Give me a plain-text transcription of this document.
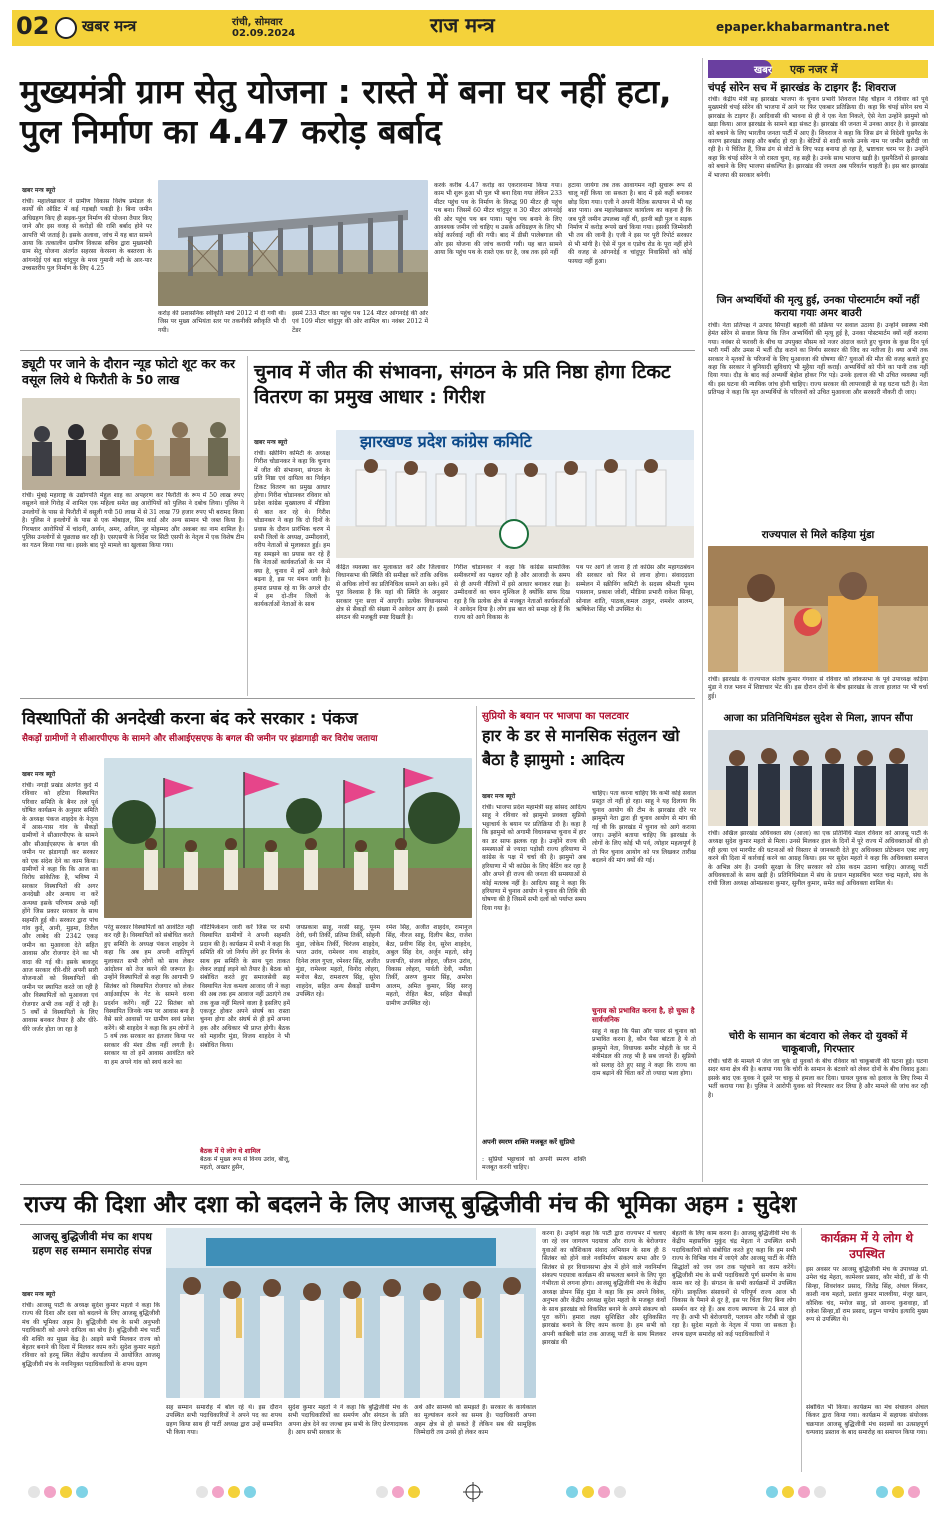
02 खबर मन्त्र	रांची, सोमवार
02.09.2024	राज मन्त्र	epaper.khabarmantra.net
मुख्यमंत्री ग्राम सेतु योजना : रास्ते में बना घर नहीं हटा, पुल निर्माण का 4.47 करोड़ बर्बाद
खबर मन्त्र ब्यूरो
रांची। महालेखाकार ने ग्रामीण विकास विशेष प्रमंडल के कार्यों की ऑडिट में कई गड़बड़ी पकड़ी है। बिना जमीन अधिग्रहण किए ही सड़क-पुल निर्माण की योजना तैयार किए जाने और इस वजह से करोड़ों की राशि बर्बाद होने पर आपत्ति भी जताई है। इसके अलावा, जांच में यह बात सामने आया कि तत्कालीन ग्रामीण विकास सचिव द्वारा मुख्यमंत्री ग्राम सेतु योजना अंतर्गत सहरसा केरसना के बस्तरवा के आंगनदेई एवं बड़ा चांदुपुर के मध्य गुमानी नदी के आर-पार उच्चस्तरीय पुल निर्माण के लिए 4.25
करोड़ की प्रशासनिक स्वीकृति मार्च 2012 में दी गयी थी। जिस पर मुख्य अभियंता स्तर पर तकनीकी स्वीकृति भी दी गयी।
इसमें 233 मीटर का पहुंच पथ 124 मीटर आंगनदेई की ओर एवं 109 मीटर चांदुपुर की ओर शामिल था। नवंबर 2012 में टेंडर
करके करीब 4.47 करोड़ का एकरारनामा किया गया। काम भी शुरू हुआ भी पुल भी बना दिया गया लेकिन 233 मीटर पहुंच पथ के निर्माण के विरुद्ध 90 मीटर ही पहुंच पथ बना। जिसमें 60 मीटर चांदुपुर व 30 मीटर आंगनदेई की ओर पहुंच पथ बन पाया। पहुंच पथ बनाने के लिए आवश्यक जमीन जो चाहिए थ उसके अधिग्रहण के लिए भी कोई कार्रवाई नहीं की गयी। बाद में डीसी पालेबगाल की ओर इस योजना की जांच करायी गयी। यह बात सामने आया कि पहुंच पथ के रास्ते एक घर है, जब तक इसे नहीं
हटाया जायेगा तब तक आवागमन नहीं सुचारू रूप से चालू नहीं किया जा सकता है। बाद में इसे कहीं बनाकर छोड़ दिया गया। एजी ने अपनी नैतिक सत्यापन में भी यह बात पाया। अब महालेखाकार कार्यालय का कहना है कि जब पूरी जमीन उपलब्ध नहीं थी, इतनी बड़ी पुल व सड़क निर्माण में करोड़ रूपये खर्च किया गया। इसकी जिम्मेवारी भी तय की जानी है। एजी ने इस पर पूरी रिपोर्ट सरकार से भी मांगी है। ऐसे में पुल व एप्रोच रोड के पूरा नहीं होने की वजह से आंगनदेई व चांदुपुर निवासियों को कोई फायदा नहीं हुआ।
ड्यूटी पर जाने के दौरान न्यूड फोटो शूट कर कर वसूल लिये थे फिरौती के 50 लाख
रांची। मुंबई महाराष्ट्र के उद्योगपति मेहुल शाह का अपहरण कर फिरौती के रूप में 50 लाख रुपए वसूलने वाले गिरोह में शामिल एक महिला समेत छह आरोपियों को पुलिस ने दबोच लिया। पुलिस ने उनलोगों के पास से फिरौती में वसूली गयी 50 लाख में से 31 लाख 79 हजार रुपए भी बरामद किया है। पुलिस ने इनलोगों के पास से एक मोबाइल, सिम कार्ड और अन्य सामान भी जब्त किया है। गिरफ्तार आरोपियों में चांदनी, आर्यन, अमर, अनिल, नूर मोहम्मद और अकबर का नाम शामिल है। पुलिस उनलोगों से पूछताछ कर रही है। एसएसपी के निर्देश पर सिटी एसपी के नेतृत्व में एक विशेष टीम का गठन किया गया था। इसके बाद पूरे मामले का खुलासा किया गया।
चुनाव में जीत की संभावना, संगठन के प्रति निष्ठा होगा टिकट वितरण का प्रमुख आधार : गिरीश
खबर मन्त्र ब्यूरो	झारखण्ड प्रदेश कांग्रेस कमिटि
रांची। स्क्रीनिंग कमिटी के अध्यक्ष गिरीश चोडानकर ने कहा कि चुनाव में जीत की संभावना, संगठन के प्रति निष्ठा एवं दायित्व का निर्वहन टिकट वितरण का प्रमुख आधार होगा। गिरीश चोडानकर रविवार को प्रदेश कांग्रेस मुख्यालय में मीडिया से बात कर रहे थे। गिरीश चोडानकर ने कहा कि दो दिनों के प्रवास के दौरान प्रारंभिक चरण में सभी जिलों के अध्यक्ष, उम्मीदवारों, वरीय नेताओं से मुलाकात हुई। हम यह समझने का प्रयास कर रहे हैं कि नेताओं कार्यकर्ताओं के मन में क्या है, चुनाव में हमें आगे कैसे बढ़ना है, इस पर मंथन जारी है। हमारा प्रयास रहे या कि अगले दौर में हम दो-तीन जिलों के कार्यकर्ताओं नेताओं के साथ
केंद्रित व्यवस्था कर मुलाकात करें और जिलावार विधानसभा की स्थिति की समीक्षा करें ताकि अधिक से अधिक लोगों का प्रतिनिधित्व सामने आ सके। हमें पूरा विश्वास है कि यहां की स्थिति के अनुसार सरकार पुनः सत्ता में आएगी। प्रत्येक विधानसभा क्षेत्र से सैकड़ों की संख्या में आवेदन आए हैं। इससे संगठन की मजबूती स्पष्ट दिखती है।
गिरीश चोडानकर ने कहा कि कांग्रेस सामाजिक समीकरणों का पक्षधर रही है और आजादी के समय से ही अपनी नीतियों में इसे आधार बनाकर रखा है। उम्मीदवारों का चयन मुश्किल है क्योंकि साफ दिख रहा है कि प्रत्येक क्षेत्र से मजबूत नेताओं कार्यकर्ताओं ने आवेदन दिया है। लोग इस बात को समझ रहे हैं कि राज्य को आगे विकास के
पथ पर आगे ले जाना है तो कांग्रेस और महागठबंधन की सरकार को फिर से लाना होगा। संवाददाता सम्मेलन में स्क्रीनिंग कमिटी के सदस्य श्रीमती पूनम पासवान, प्रकाश जोशी, मीडिया प्रभारी राकेश सिन्हा, सोनाल शांति, पाठक,कमल ठाकुर, शमशेर आलम, ऋषिकेश सिंह भी उपस्थित थे।
विस्थापितों की अनदेखी करना बंद करे सरकार : पंकज
सैकड़ों ग्रामीणों ने सीआरपीएफ के सामने और सीआईएसएफ के बगल की जमीन पर झंडागाड़ी कर विरोध जताया
खबर मन्त्र ब्यूरो
रांची। नगड़ी प्रखंड अंतर्गत कुदे में रविवार को हटिया विस्थापित परिवार समिति के बैनर तले पूर्व घोषित कार्यक्रम के अनुसार समिति के अध्यक्ष पंकज शाहदेव के नेतृत्व में आस-पास गांव के सैकड़ों ग्रामीणों ने सीआरपीएफ के सामने और सीआईएसएफ के बगल की जमीन पर झंडागाड़ी कर सरकार को एक संदेश देने का काम किया। ग्रामीणों ने कहा कि कि आज का विरोध सांकेतिक है, भविष्य में सरकार विस्थापितों की अगर अनदेखी और अन्याय ना करें अन्यथा इसके परिणाम अच्छे नहीं होंगे जिस प्रकार सरकार के साथ सहमति हुई थी। सरकार द्वारा पांच गांव कुदे, आनी, मुड़मा, तिरील और लाबेद की 2342 एकड़ जमीन का मुआवजा देते सहित आवास और रोजगार देने का भी वादा की गई थी। इसके बावजूद आज सरकार धीरे-धीरे अपनी सारी योजनाओं को विस्थापितों की जमीन पर स्थापित करते जा रही है और विस्थापितों को मुआवजा एवं रोजगार अभी तक नहीं दे रही है। 5 वर्षों से विस्थापितों के लिए आवास बनकर तैयार है और धीरे-धीरे जर्जर होता जा रहा है
परंतु सरकार विस्थापितों को आवंटित नहीं कर रही है। विस्थापितों को संबोधित करते हुए समिति के अध्यक्ष पंकज शाहदेव ने कहा कि अब हम अपनी शांतिपूर्ण मुलाकात सभी लोगों को साथ लेकर आंदोलन को तेज करने की जरूरत है। उन्होंने विस्थापितों से कहा कि आगामी 9 सितंबर को विस्थापित रोजगार को लेकर आईआईएम के गेट के सामने धरना प्रदर्शन करेंगे। वहीं 22 सितंबर को विस्थापित जिनके नाम पर आवास बना है वैसे सारे आवासों पर ग्रामीण स्वयं प्रवेश करेंगे। श्री शाहदेव ने कहा कि हम लोगों ने 5 वर्ष तक सरकार का इंतजार किया पर सरकार की मंशा ठीक नहीं लगती है। सरकार या तो हमें आवास आवंटित करे या हम अपने गांव को स्वयं करने का
नोटिफिकेशन जारी करें जिस पर सभी विस्थापित ग्रामीणों ने अपनी सहमति प्रदान की है। कार्यक्रम में सभी ने कहा कि समिति की जो निर्णय लेंगे हर निर्णय के साथ हम समिति के साथ पूरा ताकत लेकर लड़ाई लड़ने को तैयार है। बैठक को संबोधित करते हुए समाजसेवी सह विस्थापित नेता कमला आजाद जी ने कहा की अब तक हम आवाज नहीं उठाएंगे तब तक कुछ नहीं मिलने वाला है इसलिए हमें एकजुट होकर अपने संघर्ष का रास्ता चुनना होगा और संघर्ष से ही हमें अपना हक और अधिकार भी प्राप्त होगी। बैठक को महावीर मुंडा, विजय शाहदेव ने भी संबोधित किया।
बैठक में ये लोग थे शामिल
बैठक में मुख्य रूप से विनय उरांव, बीजू, महतो, अख्तर हुसैन,
जयप्रकाश साहू, नरसी साहू, पूनम देवी, धनी तिर्की, प्रतिमा तिर्की, सोहनी मुंडा, जोकेम तिर्की, चिरंजय शाहदेव, भरत उरांव, रामेश्वर नाथ शाहदेव, दिनेश लाल गुप्ता, रमेश्वर सिंह, अजीत मुंडा, रामेश्वर महतो, विनोद लोहरा, मनोज बैठा, रामशरण सिंह, सुरेश शाहदेव, सहित अन्य सैकड़ों ग्रामीण उपस्थित रहे।
रमेश सिंह, अजीत शाहदेव, रामानुज सिंह, नीरज साहू, दिलीप बैठा, राजेश बैठा, प्रवीण सिंह देव, सुरेश शाहदेव, अबुल सिंह देव, अर्जुन महतो, सोनू प्रजापति, संजय लोहरा, जीतन उरांव, विकास लोहरा, पार्वती देवी, नमीता तिर्की, अरुण कुमार सिंह, अमरेश आलम, अमित कुमार, सिंह सरजू महतो, रोहित बैठा, सहित सैकड़ों ग्रामीण उपस्थित रहे।
सुप्रियो के बयान पर भाजपा का पलटवार
हार के डर से मानसिक संतुलन खो बैठा है झामुमो : आदित्य
खबर मन्त्र ब्यूरो
रांची। भाजपा प्रदेश महामंत्री सह सांसद आदित्य साहू ने रविवार को झामुमो प्रवक्ता सुप्रियो भट्टाचार्य के बयान पर प्रतिक्रिया दी है। कहा है कि झामुमो को अगामी विधानसभा चुनाव में हार का डर साफ झलक रहा है। उन्होंने राज्य की समस्याओं से ज्यादा पड़ोसी राज्य हरियाणा में कांग्रेस के पक्ष में चर्चा की है। झामुमो अब हरियाणा में भी कांग्रेस के लिए बैटिंग कर रहा है और अपने ही राज्य की जनता की समस्याओं से कोई मतलब नहीं है। आदित्य साहू ने कहा कि हरियाणा में चुनाव आयोग ने चुनाव की तिथि की घोषणा की है जिसमें सभी दलों को पर्याप्त समय दिया गया है।
अपनी स्मरण शक्ति मजबूत करें सुप्रियो
: सुप्रियो भट्टाचार्य को अपनी स्मरण शक्ति मजबूत करनी चाहिए।
चाहिए। पता करना चाहिए कि कभी कोई सवाल प्रस्तुत तो नहीं हो रहा। साहू ने यह दिलाया कि चुनाव आयोग की टीम के झारखंड दौरे पर झामुमो नेता द्वारा ही चुनाव आयोग से मांग की गई थी कि झारखंड में चुनाव को आगे कराया जाए। उन्होंने बताया चाहिए कि झारखंड के लोगों के लिए कोई भी पर्व, त्योहार महत्वपूर्ण है तो फिर चुनाव आयोग को पत्र लिखकर तारीख बदलने की मांग क्यों की गई।
चुनाव को प्रभावित करना है, हो चुका है सार्वजनिक
साहू ने कहा कि पैसा और पावर से चुनाव को प्रभावित करना है, कौन पैसा बांटता है ये तो झामुमो नेता, विधायक समीर मोहंती के घर में मंत्रीमंडल की तरह भी है सब जानते हैं। सुप्रियो को सलाह देते हुए साहू ने कहा कि राज्य का दाम बढ़ाने की चिंता करें तो ज्यादा भला होगा।
खबर एक नजर में
चंपई सोरेन सच में झारखंड के टाइगर हैं: शिवराज
रांची। केंद्रीय मंत्री सह झारखंड भाजपा के चुनाव प्रभारी शिवराज सिंह चौहान ने रविवार को पूर्व मुख्यमंत्री चंपई सोरेन की भाजपा में आने पर फिर एकबार प्रतिक्रिया दी। कहा कि चंपई सोरेन सच में झारखंड के टाइगर हैं। आदिवासी की भावना से ही वे एक नेता निकले, ऐसे नेता उन्होंने झामुमो को खड़ा किया। आज झारखंड के सामने बड़ा संकट है। झारखंड की जनता में उनका आदर है। वे झारखंड को बचाने के लिए भारतीय जनता पार्टी में आए हैं। शिवराज ने कहा कि जिस ढंग से विदेशी घुसपैठ के कारण झारखंड तबाह और बर्बाद हो रहा है। बेटियों से शादी करके उनके नाम पर जमीन खरीदी जा रही है। ये चिंतित हैं, जिस ढंग से वोटों के लिए फाड़ बनाया हो रहा है, भ्रष्टाचार चरम पर है। उन्होंने कहा कि चंपई सोरेन ने जो रास्ता चुना, वह सही है। उनके साथ भाजपा खड़ी है। घुसपैठियों से झारखंड को बचाने के लिए भाजपा संकल्पित है। झारखंड की जनता अब परिवर्तन चाहती है। इस बार झारखंड में भाजपा की सरकार बनेगी।
जिन अभ्यर्थियों की मृत्यु हुई, उनका पोस्टमार्टम क्यों नहीं कराया गयाः अमर बाउरी
रांची। नेता प्रतिपक्ष ने उत्पाद सिपाही बहाली की प्रक्रिया पर सवाल उठाया है। उन्होंने स्वास्थ्य मंत्री हेमंत सोरेन से सवाल किया कि जिन अभ्यर्थियों की मृत्यु हुई है, उनका पोस्टमार्टम क्यों नहीं कराया गया। नवंबर से फरवरी के बीच या उपयुक्त मौसम को नजर अंदाज करते हुए चुनाव के कुछ दिन पूर्व भारी गर्मी और उमस में भर्ती दौड़ कराने का निर्णय सरकार की जिद का नतीजा है। क्या अभी तक सरकार ने मृतकों के परिजनों के लिए मुआवजा की घोषणा की? युवाओं की मौत की वजह बताते हुए कहा कि सरकार ने बुनियादी सुविधाएं भी मुहैया नहीं कराईं। अभ्यर्थियों को पीने का पानी तक नहीं दिया गया। दौड़ के बाद कई अभ्यर्थी बेहोश होकर गिर पड़े। उनके इलाज की भी उचित व्यवस्था नहीं थी। इस घटना की न्यायिक जांच होनी चाहिए। राज्य सरकार की लापरवाही से यह घटना घटी है। नेता प्रतिपक्ष ने कहा कि मृत अभ्यर्थियों के परिजनों को उचित मुआवजा और सरकारी नौकरी दी जाए।
राज्यपाल से मिले कड़िया मुंडा
रांची। झारखंड के राज्यपाल संतोष कुमार गंगवार से रविवार को लोकसभा के पूर्व उपाध्यक्ष कड़िया मुंडा ने राज भवन में शिष्टाचार भेंट की। इस दौरान दोनों के बीच झारखंड के ताजा हालात पर भी चर्चा हुई।
आजा का प्रतिनिधिमंडल सुदेश से मिला, ज्ञापन सौंपा
रांची। अखिल झारखंड अधिवक्ता संघ (आजा) का एक प्रतिनिधि मंडल रविवार को आजसू पार्टी के अध्यक्ष सुदेश कुमार महतो से मिला। उनसे मिलकर हाल के दिनों में पूरे राज्य में अधिवक्ताओं की हो रही हत्या एवं मारपीट की घटनाओं को विस्तार से जानकारी देते हुए अधिवक्ता प्रोटेक्शन एक्ट लागू करने की दिशा में कार्रवाई करने का आग्रह किया। इस पर सुदेश महतो ने कहा कि अधिवक्ता समाज के अभिन्न अंग हैं। उनकी सुरक्षा के लिए सरकार को ठोस कदम उठाना चाहिए। आजसू पार्टी अधिवक्ताओं के साथ खड़ी है। प्रतिनिधिमंडल में संघ के प्रधान महासचिव भरत चन्द्र महतो, संघ के रांची जिला अध्यक्ष ओमप्रकाश कुमार, सुनील कुमार, समेत कई अधिवक्ता शामिल थे।
चोरी के सामान का बंटवारा को लेकर दो युवकों में चाकूबाजी, गिरफ्तार
रांची। चोरी के मामले में जेल जा चुके दो युवकों के बीच रविवार को चाकूबाजी की घटना हुई। घटना सदर थाना क्षेत्र की है। बताया गया कि चोरी के सामान के बंटवारे को लेकर दोनों के बीच विवाद हुआ। इसके बाद एक युवक ने दूसरे पर चाकू से हमला कर दिया। घायल युवक को इलाज के लिए रिम्स में भर्ती कराया गया है। पुलिस ने आरोपी युवक को गिरफ्तार कर लिया है और मामले की जांच कर रही है।
राज्य की दिशा और दशा को बदलने के लिए आजसू बुद्धिजीवी मंच की भूमिका अहम : सुदेश
आजसू बुद्धिजीवी मंच का शपथ ग्रहण सह सम्मान समारोह संपन्न
खबर मन्त्र ब्यूरो
रांची। आजसू पार्टी के अध्यक्ष सुदेश कुमार महतो ने कहा कि राज्य की दिशा और दशा को बदलने के लिए आजसू बुद्धिजीवी मंच की भूमिका अहम है। बुद्धिजीवी मंच के सभी अनुभवी पदाधिकारी को अपने दायित्व का बोध है। बुद्धिजीवी मंच पार्टी की शक्ति का मुख्य केंद्र है। आइये सभी मिलकर राज्य को बेहतर बनाने की दिशा में मिलकर काम करें। सुदेश कुमार महतो रविवार को हरमू स्थित केंद्रीय कार्यालय में आयोजित आजसू बुद्धिजीवी मंच के नवनियुक्त पदाधिकारियों के शपथ ग्रहण
सह सम्मान समारोह में बोल रहे थे। इस दौरान उपस्थित सभी पदाधिकारियों ने अपने पद का शपथ ग्रहण किया साथ ही पार्टी अध्यक्ष द्वारा उन्हें सम्मानित भी किया गया।
सुदेश कुमार महतो ने ने कहा कि बुद्धिजीवी मंच के सभी पदाधिकारियों का समर्पण और संगठन के प्रति अपना क्षेत्र देने का जज्बा हम सभी के लिए प्रेरणादायक है। आप सभी सरकार के
अर्थ और सामर्थ्य को समझते हैं। सरकार के कार्यकाल का मूल्यांकन करने का समय है। पदाधिकारी अपना अहम क्षेत्र से हो सकते हैं लेकिन सब की सामूहिक जिम्मेदारी तय उनसे हो लेकर काम
करना है। उन्होंने कहा कि पार्टी द्वारा राज्यभर में चलाए जा रहे जन जागरण पदयात्रा और राज्य के बेरोजगार युवाओं का कौशिकाय संवाद अभियान के साथ ही 8 सितंबर को होने वाले नवनिर्माण संकल्प सभा और 9 सितंबर से हर विधानसभा क्षेत्र में होने वाले नवनिर्माण संकल्प पदयात्रा कार्यक्रम की सफलता बनाने के लिए पूरा गंभीरता से लगना होगा। आजसू बुद्धिजीवी मंच के केंद्रीय अध्यक्ष डोमन सिंह मुंडा ने कहा कि हम अपने विवेक, अनुभव और केंद्रीय अध्यक्ष सुदेश महतो के मजबूत कंधों के साथ झारखंड को विकसित बनाने के अपने संकल्प को पूरा करेंगे। हमारा लक्ष्य सुशिक्षित और सुविकसित झारखंड बनाने के लिए काम करना है। हम सभी को अपनी काबिली सांत तक आजसू पार्टी के साथ मिलकर झारखंड की
बेहतरी के लिए काम करना है। आजसू बुद्धिजीवी मंच के केंद्रीय महासचिव मुकुंद चंद्र मेहता ने उपस्थित सभी पदाधिकारियों को संबोधित करते हुए कहा कि हम सभी राज्य के विभिन्न गांव में जाएंगे और आजसू पार्टी के नीति सिद्धांतों को जन जन तक पहुंचाने का काम करेंगे। बुद्धिजीवी मंच के सभी पदाधिकारी पूर्ण समर्पण के साथ काम कर रहे हैं। संगठन के सभी कार्यक्रमों में उपस्थित रहेंगे। प्राकृतिक संसाधनों से परिपूर्ण राज्य आज भी विकास के पैमाने से दूर है, इस पर चिंता किए बिना लोग समर्थन कर रहे हैं। अब राज्य स्थापना के 24 साल हो गए हैं। अभी भी बेरोजगारी, पलायन और गरीबी से जूझ रहा है। सुदेश महतो के नेतृत्व में पाया जा सकता है। शपथ ग्रहण समारोह को कई पदाधिकारियों ने
कार्यक्रम में ये लोग थे उपस्थित
इस अवसर पर आजसू बुद्धिजीवी मंच के उपाध्यक्ष प्रो. उमेश चंद्र मेहता, कामेश्वर प्रसाद, कौर मोदी, डॉ के पी सिन्हा, शिवशंकर प्रसाद, जितेंद्र सिंह, अंचल किंकर, काशी नाथ महतो, प्रशांत कुमार मालवीया, मंजूर खान, कौशिक चंद, मनोज साहु, प्रो आनन्द कुशवाहा, डॉ राकेश सिन्हा,डॉ राम प्रसाद, प्रदुम्न पाण्डेय इत्यादि मुख्य रूप से उपस्थित थे।
संबोधित भी किया। कार्यक्रम का मंच संचालन अंचल किंकर द्वारा किया गया। कार्यक्रम में सहायक संयोजक चक्रपाल आजसू बुद्धिजीवी मंच सदस्यों का उत्साहपूर्ण धन्यवाद प्रस्ताव के बाद समारोह का समापन किया गया।
